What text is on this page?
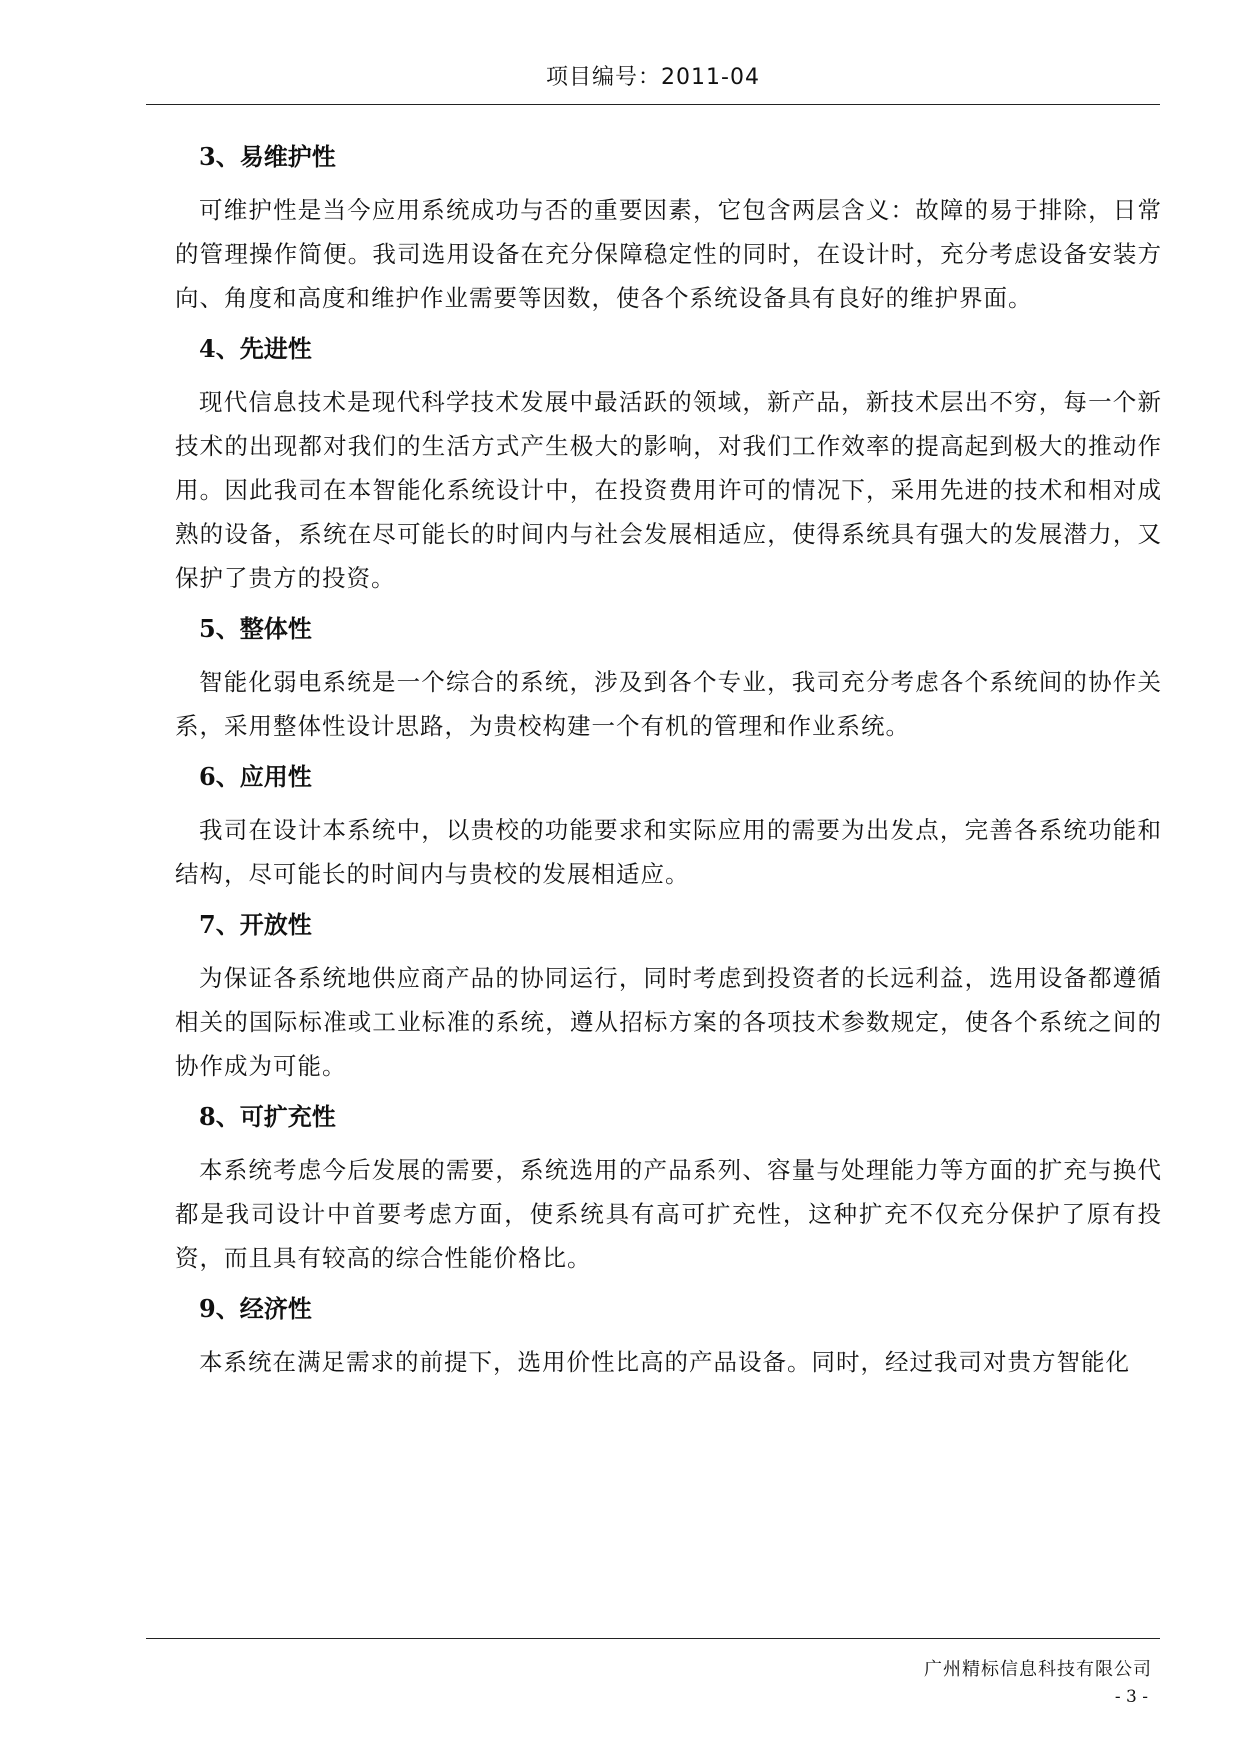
项目编号：2011-04
3、易维护性

可维护性是当今应用系统成功与否的重要因素，它包含两层含义：故障的易于排除，日常的管理操作简便。我司选用设备在充分保障稳定性的同时，在设计时，充分考虑设备安装方向、角度和高度和维护作业需要等因数，使各个系统设备具有良好的维护界面。

4、先进性

现代信息技术是现代科学技术发展中最活跃的领域，新产品，新技术层出不穷，每一个新技术的出现都对我们的生活方式产生极大的影响，对我们工作效率的提高起到极大的推动作用。因此我司在本智能化系统设计中，在投资费用许可的情况下，采用先进的技术和相对成熟的设备，系统在尽可能长的时间内与社会发展相适应，使得系统具有强大的发展潜力，又保护了贵方的投资。

5、整体性

智能化弱电系统是一个综合的系统，涉及到各个专业，我司充分考虑各个系统间的协作关系，采用整体性设计思路，为贵校构建一个有机的管理和作业系统。

6、应用性

我司在设计本系统中，以贵校的功能要求和实际应用的需要为出发点，完善各系统功能和结构，尽可能长的时间内与贵校的发展相适应。

7、开放性

为保证各系统地供应商产品的协同运行，同时考虑到投资者的长远利益，选用设备都遵循相关的国际标准或工业标准的系统，遵从招标方案的各项技术参数规定，使各个系统之间的协作成为可能。

8、可扩充性

本系统考虑今后发展的需要，系统选用的产品系列、容量与处理能力等方面的扩充与换代都是我司设计中首要考虑方面，使系统具有高可扩充性，这种扩充不仅充分保护了原有投资，而且具有较高的综合性能价格比。

9、经济性

本系统在满足需求的前提下，选用价性比高的产品设备。同时，经过我司对贵方智能化

广州精标信息科技有限公司
- 3 -
